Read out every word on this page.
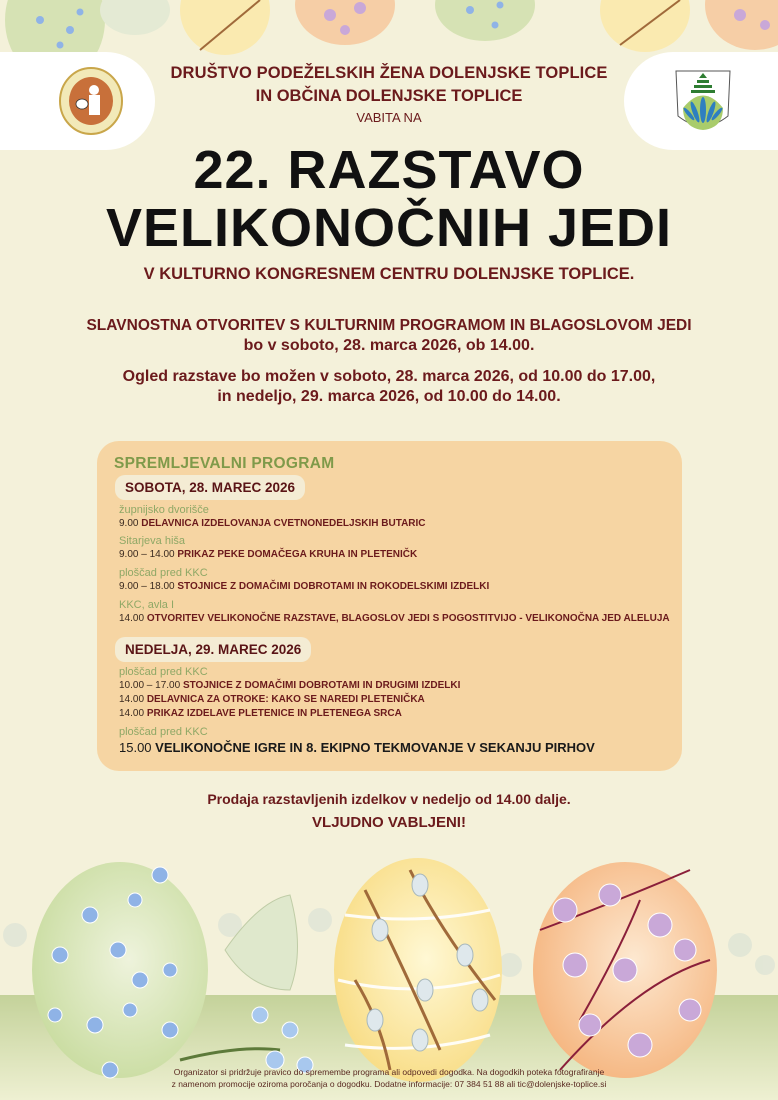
DRUŠTVO PODEŽELSKIH ŽENA DOLENJSKE TOPLICE
IN OBČINA DOLENJSKE TOPLICE
VABITA NA
22. RAZSTAVO
VELIKONOČNIH JEDI
V KULTURNO KONGRESNEM CENTRU DOLENJSKE TOPLICE.
SLAVNOSTNA OTVORITEV S KULTURNIM PROGRAMOM IN BLAGOSLOVOM JEDI
bo v soboto, 28. marca 2026, ob 14.00.
Ogled razstave bo možen v soboto, 28. marca 2026, od 10.00 do 17.00,
in nedeljo, 29. marca 2026, od 10.00 do 14.00.
SPREMLJEVALNI PROGRAM
SOBOTA, 28. MAREC 2026
župnijsko dvorišče
9.00 DELAVNICA IZDELOVANJA CVETNONEDELJSKIH BUTARIC
Sitarjeva hiša
9.00 – 14.00 PRIKAZ PEKE DOMAČEGA KRUHA IN PLETENIČK
ploščad pred KKC
9.00 – 18.00 STOJNICE Z DOMAČIMI DOBROTAMI IN ROKODELSKIMI IZDELKI
KKC, avla I
14.00 OTVORITEV VELIKONOČNE RAZSTAVE, BLAGOSLOV JEDI S POGOSTITVIJO - VELIKONOČNA JED ALELUJA
NEDELJA, 29. MAREC 2026
ploščad pred KKC
10.00 – 17.00 STOJNICE Z DOMAČIMI DOBROTAMI IN DRUGIMI IZDELKI
14.00 DELAVNICA ZA OTROKE: KAKO SE NAREDI PLETENIČKA
14.00 PRIKAZ IZDELAVE PLETENICE IN PLETENEGA SRCA
ploščad pred KKC
15.00 VELIKONOČNE IGRE IN 8. EKIPNO TEKMOVANJE V SEKANJU PIRHOV
Prodaja razstavljenih izdelkov v nedeljo od 14.00 dalje.
VLJUDNO VABLJENI!
Organizator si pridržuje pravico do spremembe programa ali odpovedi dogodka. Na dogodkih poteka fotografiranje
z namenom promocije oziroma poročanja o dogodku. Dodatne informacije: 07 384 51 88 ali tic@dolenjske-toplice.si
